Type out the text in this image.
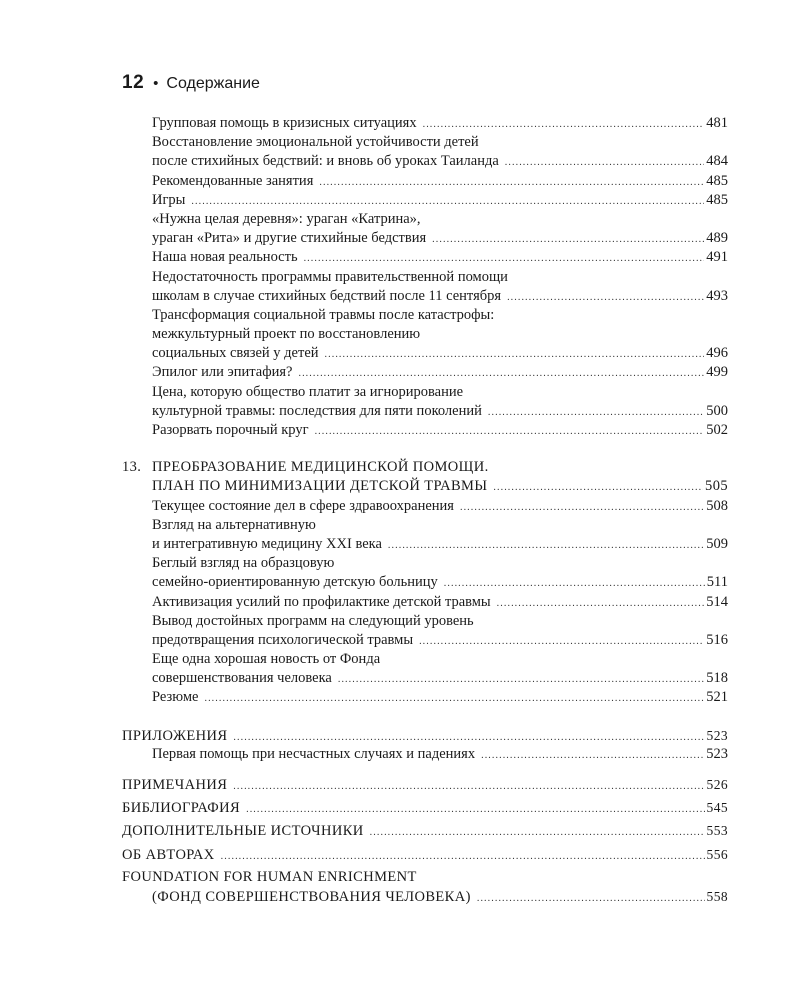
12 • Содержание
Групповая помощь в кризисных ситуациях .....	481
Восстановление эмоциональной устойчивости детей
после стихийных бедствий: и вновь об уроках Таиланда .....	484
Рекомендованные занятия .....	485
Игры .....	485
«Нужна целая деревня»: ураган «Катрина»,
ураган «Рита» и другие стихийные бедствия .....	489
Наша новая реальность .....	491
Недостаточность программы правительственной помощи
школам в случае стихийных бедствий после 11 сентября .....	493
Трансформация социальной травмы после катастрофы:
межкультурный проект по восстановлению
социальных связей у детей .....	496
Эпилог или эпитафия? .....	499
Цена, которую общество платит за игнорирование
культурной травмы: последствия для пяти поколений .....	500
Разорвать порочный круг .....	502
13. ПРЕОБРАЗОВАНИЕ МЕДИЦИНСКОЙ ПОМОЩИ.
ПЛАН ПО МИНИМИЗАЦИИ ДЕТСКОЙ ТРАВМЫ .....	505
Текущее состояние дел в сфере здравоохранения .....	508
Взгляд на альтернативную
и интегративную медицину XXI века .....	509
Беглый взгляд на образцовую
семейно-ориентированную детскую больницу .....	511
Активизация усилий по профилактике детской травмы .....	514
Вывод достойных программ на следующий уровень
предотвращения психологической травмы .....	516
Еще одна хорошая новость от Фонда
совершенствования человека .....	518
Резюме .....	521
ПРИЛОЖЕНИЯ .....	523
Первая помощь при несчастных случаях и падениях .....	523
ПРИМЕЧАНИЯ .....	526
БИБЛИОГРАФИЯ .....	545
ДОПОЛНИТЕЛЬНЫЕ ИСТОЧНИКИ .....	553
ОБ АВТОРАХ .....	556
FOUNDATION FOR HUMAN ENRICHMENT
(ФОНД СОВЕРШЕНСТВОВАНИЯ ЧЕЛОВЕКА) .....	558
